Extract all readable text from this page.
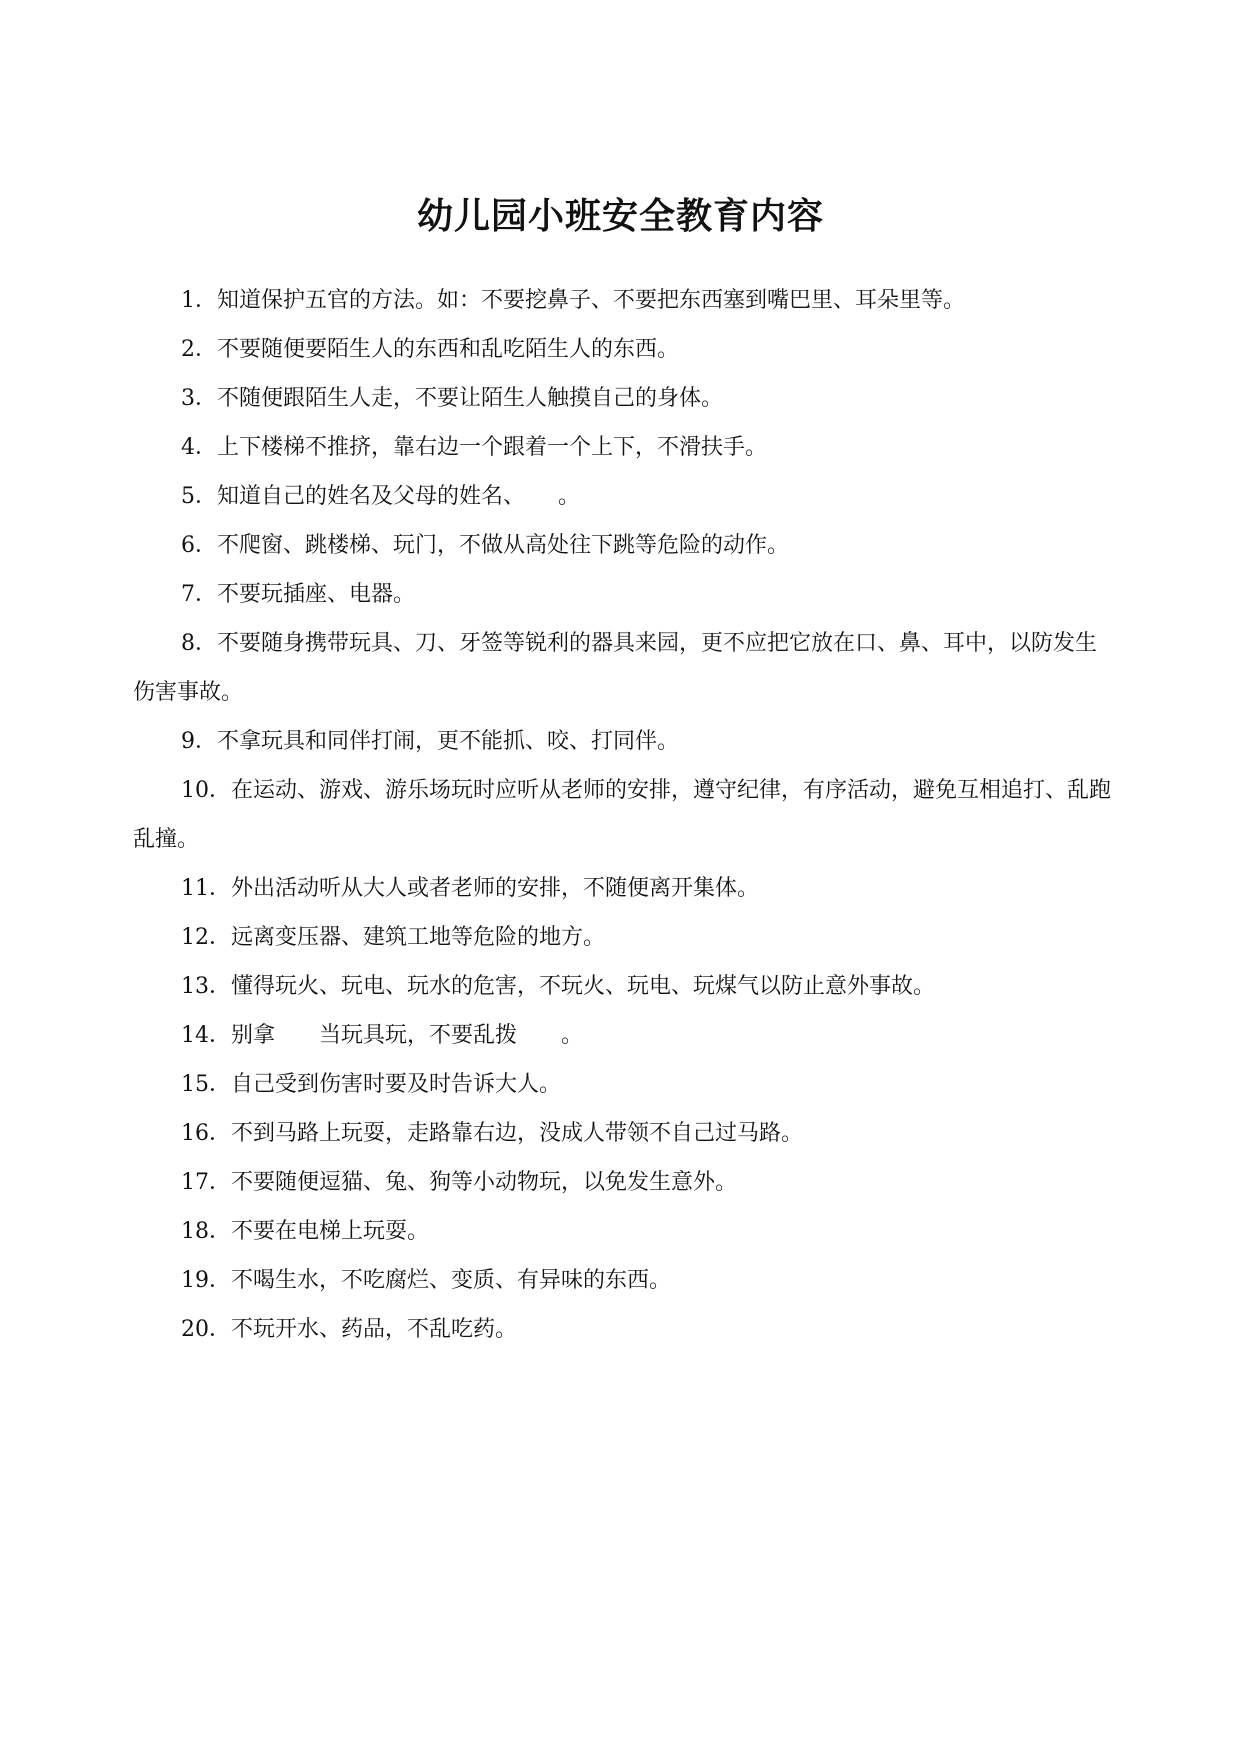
幼儿园小班安全教育内容

1．知道保护五官的方法。如：不要挖鼻子、不要把东西塞到嘴巴里、耳朵里等。

2．不要随便要陌生人的东西和乱吃陌生人的东西。

3．不随便跟陌生人走，不要让陌生人触摸自己的身体。

4．上下楼梯不推挤，靠右边一个跟着一个上下，不滑扶手。

5．知道自己的姓名及父母的姓名、　　。

6．不爬窗、跳楼梯、玩门，不做从高处往下跳等危险的动作。

7．不要玩插座、电器。

8．不要随身携带玩具、刀、牙签等锐利的器具来园，更不应把它放在口、鼻、耳中，以防发生伤害事故。

9．不拿玩具和同伴打闹，更不能抓、咬、打同伴。

10．在运动、游戏、游乐场玩时应听从老师的安排，遵守纪律，有序活动，避免互相追打、乱跑乱撞。

11．外出活动听从大人或者老师的安排，不随便离开集体。

12．远离变压器、建筑工地等危险的地方。

13．懂得玩火、玩电、玩水的危害，不玩火、玩电、玩煤气以防止意外事故。

14．别拿　　当玩具玩，不要乱拨　　。

15．自己受到伤害时要及时告诉大人。

16．不到马路上玩耍，走路靠右边，没成人带领不自己过马路。

17．不要随便逗猫、兔、狗等小动物玩，以免发生意外。

18．不要在电梯上玩耍。

19．不喝生水，不吃腐烂、变质、有异味的东西。

20．不玩开水、药品，不乱吃药。
